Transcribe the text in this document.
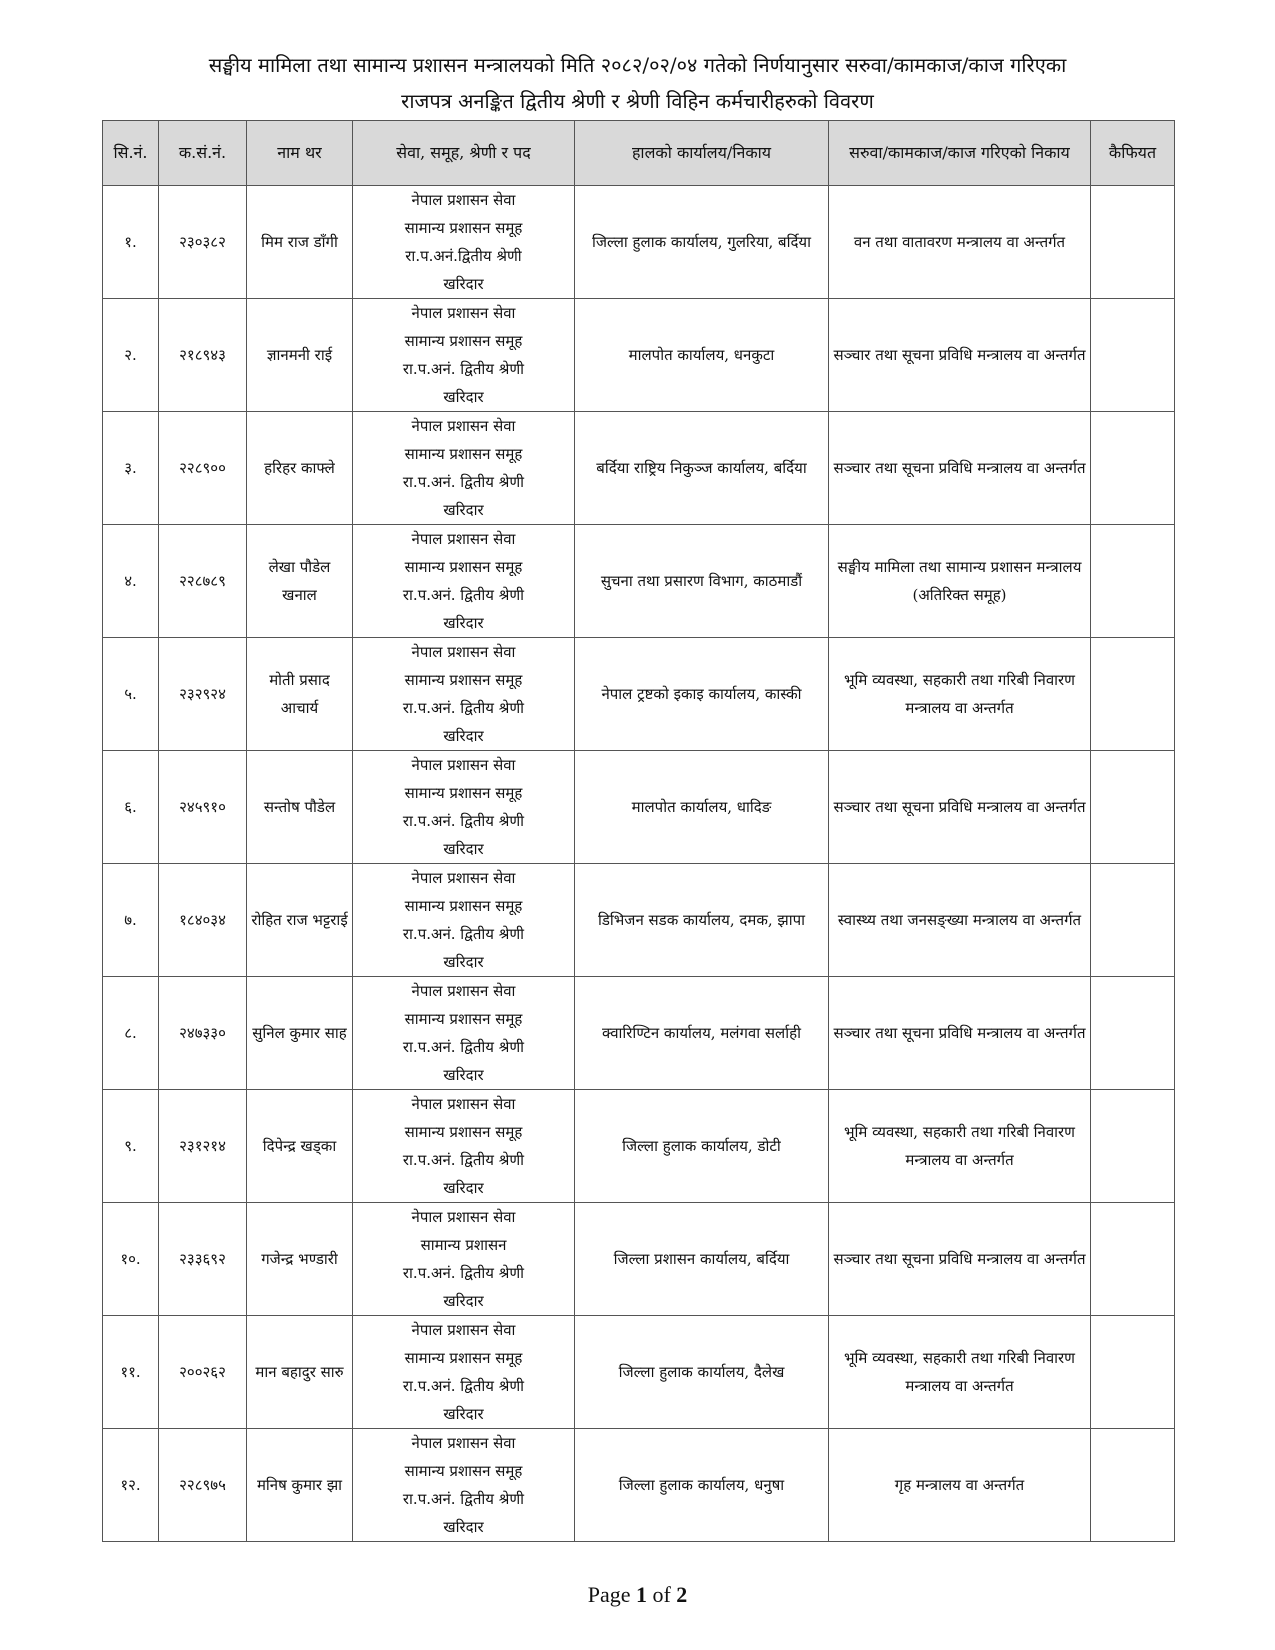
सङ्घीय मामिला तथा सामान्य प्रशासन मन्त्रालयको मिति २०८२/०२/०४ गतेको निर्णयानुसार सरुवा/कामकाज/काज गरिएका
राजपत्र अनङ्कित द्वितीय श्रेणी र श्रेणी विहिन कर्मचारीहरुको विवरण
सि.नं.	क.सं.नं.	नाम थर	सेवा, समूह, श्रेणी र पद	हालको कार्यालय/निकाय	सरुवा/कामकाज/काज गरिएको निकाय	कैफियत
१.	२३०३८२	मिम राज डाँगी	नेपाल प्रशासन सेवा
सामान्य प्रशासन समूह
रा.प.अनं.द्वितीय श्रेणी
खरिदार	जिल्ला हुलाक कार्यालय, गुलरिया, बर्दिया	वन तथा वातावरण मन्त्रालय वा अन्तर्गत	
२.	२१८९४३	ज्ञानमनी राई	नेपाल प्रशासन सेवा
सामान्य प्रशासन समूह
रा.प.अनं. द्वितीय श्रेणी
खरिदार	मालपोत कार्यालय, धनकुटा	सञ्चार तथा सूचना प्रविधि मन्त्रालय वा अन्तर्गत	
३.	२२८९००	हरिहर काफ्ले	नेपाल प्रशासन सेवा
सामान्य प्रशासन समूह
रा.प.अनं. द्वितीय श्रेणी
खरिदार	बर्दिया राष्ट्रिय निकुञ्ज कार्यालय, बर्दिया	सञ्चार तथा सूचना प्रविधि मन्त्रालय वा अन्तर्गत	
४.	२२८७८९	लेखा पौडेल खनाल	नेपाल प्रशासन सेवा
सामान्य प्रशासन समूह
रा.प.अनं. द्वितीय श्रेणी
खरिदार	सुचना तथा प्रसारण विभाग, काठमाडौं	सङ्घीय मामिला तथा सामान्य प्रशासन मन्त्रालय (अतिरिक्त समूह)	
५.	२३२९२४	मोती प्रसाद आचार्य	नेपाल प्रशासन सेवा
सामान्य प्रशासन समूह
रा.प.अनं. द्वितीय श्रेणी
खरिदार	नेपाल ट्रष्टको इकाइ कार्यालय, कास्की	भूमि व्यवस्था, सहकारी तथा गरिबी निवारण मन्त्रालय वा अन्तर्गत	
६.	२४५९१०	सन्तोष पौडेल	नेपाल प्रशासन सेवा
सामान्य प्रशासन समूह
रा.प.अनं. द्वितीय श्रेणी
खरिदार	मालपोत कार्यालय, धादिङ	सञ्चार तथा सूचना प्रविधि मन्त्रालय वा अन्तर्गत	
७.	१८४०३४	रोहित राज भट्टराई	नेपाल प्रशासन सेवा
सामान्य प्रशासन समूह
रा.प.अनं. द्वितीय श्रेणी
खरिदार	डिभिजन सडक कार्यालय, दमक, झापा	स्वास्थ्य तथा जनसङ्ख्या मन्त्रालय वा अन्तर्गत	
८.	२४७३३०	सुनिल कुमार साह	नेपाल प्रशासन सेवा
सामान्य प्रशासन समूह
रा.प.अनं. द्वितीय श्रेणी
खरिदार	क्वारिण्टिन कार्यालय, मलंगवा सर्लाही	सञ्चार तथा सूचना प्रविधि मन्त्रालय वा अन्तर्गत	
९.	२३१२१४	दिपेन्द्र खड्का	नेपाल प्रशासन सेवा
सामान्य प्रशासन समूह
रा.प.अनं. द्वितीय श्रेणी
खरिदार	जिल्ला हुलाक कार्यालय, डोटी	भूमि व्यवस्था, सहकारी तथा गरिबी निवारण मन्त्रालय वा अन्तर्गत	
१०.	२३३६९२	गजेन्द्र भण्डारी	नेपाल प्रशासन सेवा
सामान्य प्रशासन
रा.प.अनं. द्वितीय श्रेणी
खरिदार	जिल्ला प्रशासन कार्यालय, बर्दिया	सञ्चार तथा सूचना प्रविधि मन्त्रालय वा अन्तर्गत	
११.	२००२६२	मान बहादुर सारु	नेपाल प्रशासन सेवा
सामान्य प्रशासन समूह
रा.प.अनं. द्वितीय श्रेणी
खरिदार	जिल्ला हुलाक कार्यालय, दैलेख	भूमि व्यवस्था, सहकारी तथा गरिबी निवारण मन्त्रालय वा अन्तर्गत	
१२.	२२८९७५	मनिष कुमार झा	नेपाल प्रशासन सेवा
सामान्य प्रशासन समूह
रा.प.अनं. द्वितीय श्रेणी
खरिदार	जिल्ला हुलाक कार्यालय, धनुषा	गृह मन्त्रालय वा अन्तर्गत	
Page 1 of 2
